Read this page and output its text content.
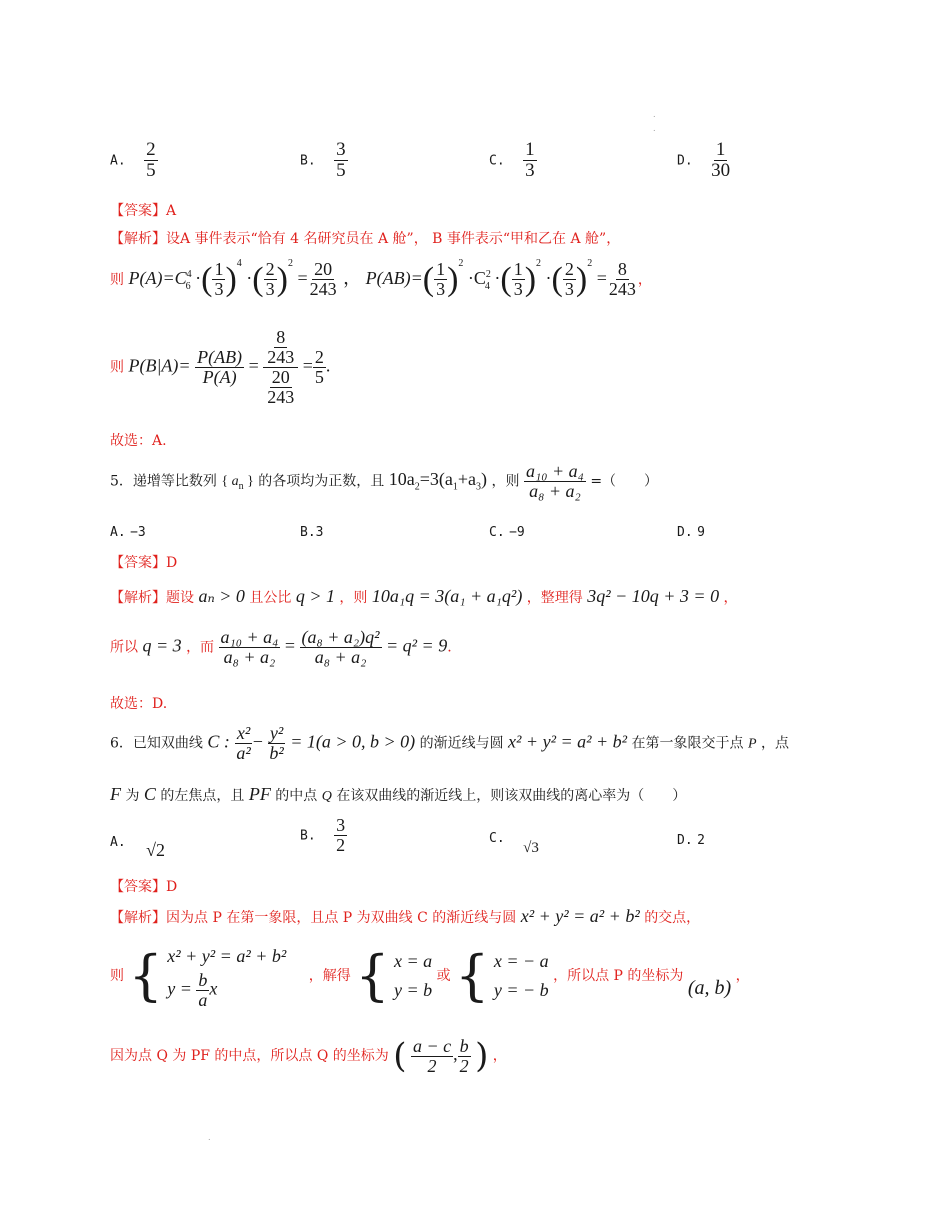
.
.
.
A. $\frac{2}{5}$	B. $\frac{3}{5}$	C. $\frac{1}{3}$	D. $\frac{1}{30}$
【答案】A
【解析】设A 事件表示“恰有 4 名研究员在 A 舱”， B 事件表示“甲和乙在 A 舱”，
则 $P(A)=C^4_6$ ·( $\frac{1}{3} )^4$ ·( $\frac{2}{3} )^2 = \frac{20}{243}$ ， $P(AB)=( \frac{1}{3} )^2 \cdot C^2_4$ ·( $\frac{1}{3} )^2$ ·( $\frac{2}{3} )^2 = \frac{8}{243}$ ，
则 $P(B|A)= \frac{P(AB)}{P(A)} = \frac{\frac{8}{243}}{\frac{20}{243}} = \frac{2}{5}$ .
故选：A.
5．递增等比数列 { $a_n$ } 的各项均为正数，且 $10a_2=3(a_1+a_3)$ ，则 $\frac{\text{a₁₀ + a₄}}{\text{a₈ + a₂}}$ =（　　）
A. −3	B.3	C. −9	D. 9
【答案】D
【解析】题设 aₙ > 0 且公比 q > 1 ，则 10a₁q = 3(a₁ + a₁q²) ，整理得 3q² − 10q + 3 = 0 ，
所以 q = 3 ，而 $\frac{\text{a₁₀ + a₄}}{\text{a₈ + a₂}} = \frac{\text{(a₈ + a₂)q²}}{\text{a₈ + a₂}} = q^2 = 9$.
故选：D.
6．已知双曲线 C : $\frac{\text{x²}}{\text{a²}} - \frac{\text{y²}}{\text{b²}} = 1(a > 0$, b > 0) 的渐近线与圆 x² + y² = a² + b² 在第一象限交于点 P ，点
F 为 C 的左焦点，且 PF 的中点 Q 在该双曲线的渐近线上，则该双曲线的离心率为（　　）
A. √2
B. $\frac{3}{2}$	C. √3	D. 2
【答案】D
【解析】因为点 P 在第一象限，且点 P 为双曲线 C 的渐近线与圆 x² + y² = a² + b² 的交点，
则 { x² + y² = a² + b²
$y = \frac{b}{a}$ x
，解得 { x = a
y = b
或 { x = − a
y = − b
，所以点 P 的坐标为 (a, b) ，
因为点 Q 为 PF 的中点，所以点 Q 的坐标为 ( $\frac{a - c}{2}$ , $\frac{b}{2}$ ) ，
